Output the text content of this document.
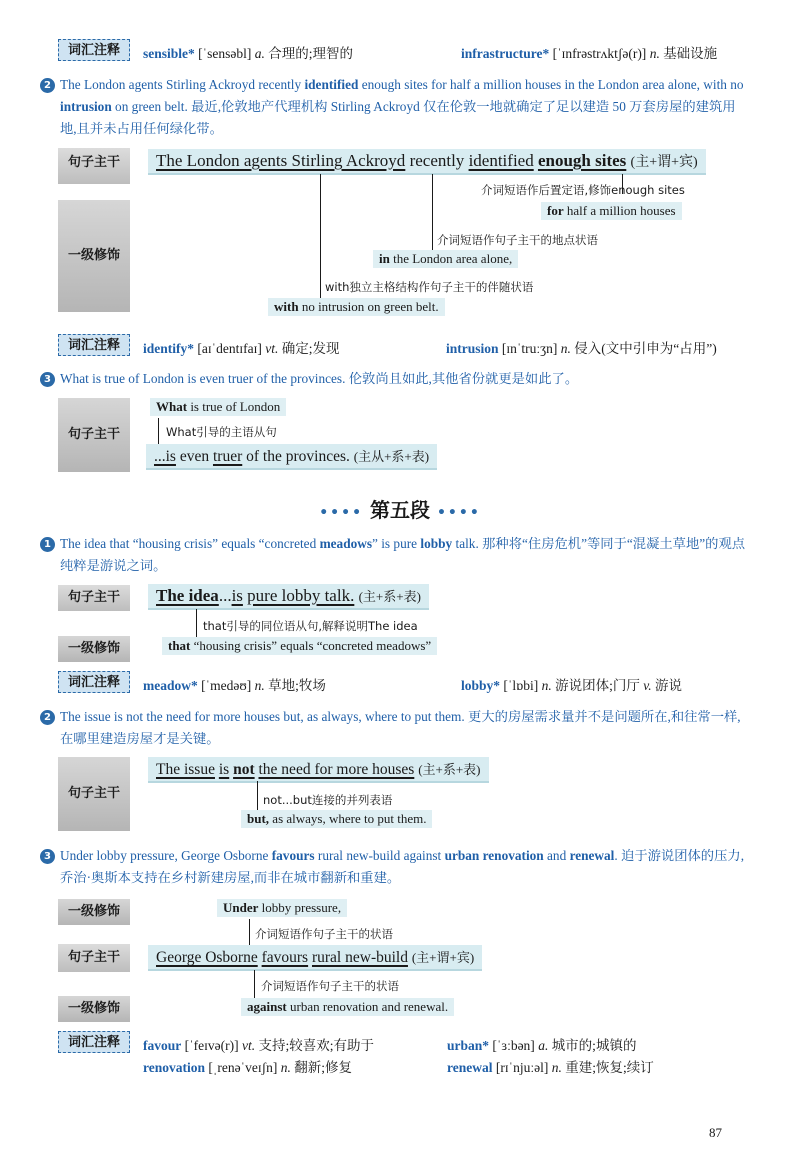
词汇注释	sensible* [ˈsensəbl] a. 合理的;理智的	infrastructure* [ˈɪnfrəstrʌktʃə(r)] n. 基础设施
2 The London agents Stirling Ackroyd recently identified enough sites for half a million houses in the London area alone, with no intrusion on green belt. 最近,伦敦地产代理机构 Stirling Ackroyd 仅在伦敦一地就确定了足以建造 50 万套房屋的建筑用地,且并未占用任何绿化带。
句子主干
一级修饰
The London agents Stirling Ackroyd recently identified enough sites (主+谓+宾)
介词短语作后置定语,修饰enough sites
for half a million houses
介词短语作句子主干的地点状语
in the London area alone,
with独立主格结构作句子主干的伴随状语
with no intrusion on green belt.
词汇注释	identify* [aɪˈdentɪfaɪ] vt. 确定;发现	intrusion [ɪnˈtruːʒn] n. 侵入(文中引申为“占用”)
3 What is true of London is even truer of the provinces. 伦敦尚且如此,其他省份就更是如此了。
句子主干
What is true of London
What引导的主语从句
...is even truer of the provinces. (主从+系+表)
•••• 第五段 ••••
1 The idea that “housing crisis” equals “concreted meadows” is pure lobby talk. 那种将“住房危机”等同于“混凝土草地”的观点纯粹是游说之词。
句子主干
一级修饰
The idea...is pure lobby talk. (主+系+表)
that引导的同位语从句,解释说明The idea
that “housing crisis” equals “concreted meadows”
词汇注释	meadow* [ˈmedəʊ] n. 草地;牧场	lobby* [ˈlɒbi] n. 游说团体;门厅 v. 游说
2 The issue is not the need for more houses but, as always, where to put them. 更大的房屋需求量并不是问题所在,和往常一样,在哪里建造房屋才是关键。
句子主干
The issue is not the need for more houses (主+系+表)
not...but连接的并列表语
but, as always, where to put them.
3 Under lobby pressure, George Osborne favours rural new-build against urban renovation and renewal. 迫于游说团体的压力,乔治·奥斯本支持在乡村新建房屋,而非在城市翻新和重建。
一级修饰
句子主干
一级修饰
Under lobby pressure,
介词短语作句子主干的状语
George Osborne favours rural new-build (主+谓+宾)
介词短语作句子主干的状语
against urban renovation and renewal.
词汇注释	favour [ˈfeɪvə(r)] vt. 支持;较喜欢;有助于	urban* [ˈɜːbən] a. 城市的;城镇的
renovation [ˌrenəˈveɪʃn] n. 翻新;修复	renewal [rɪˈnjuːəl] n. 重建;恢复;续订
87
